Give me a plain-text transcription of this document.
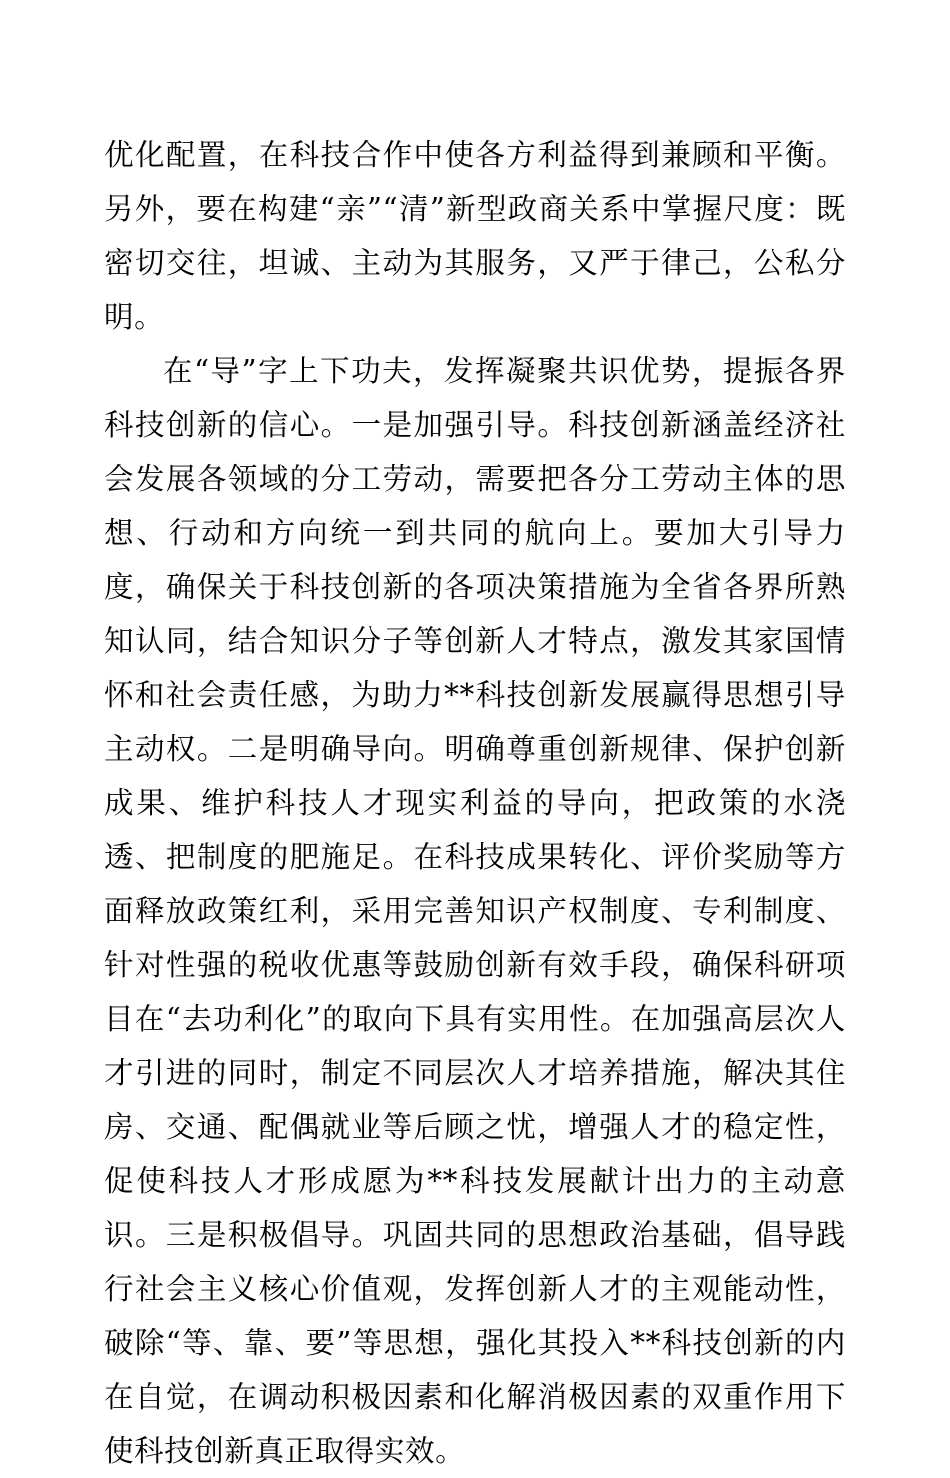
优化配置，在科技合作中使各方利益得到兼顾和平衡。另外，要在构建“亲”“清”新型政商关系中掌握尺度：既密切交往，坦诚、主动为其服务，又严于律己，公私分明。

在“导”字上下功夫，发挥凝聚共识优势，提振各界科技创新的信心。一是加强引导。科技创新涵盖经济社会发展各领域的分工劳动，需要把各分工劳动主体的思想、行动和方向统一到共同的航向上。要加大引导力度，确保关于科技创新的各项决策措施为全省各界所熟知认同，结合知识分子等创新人才特点，激发其家国情怀和社会责任感，为助力**科技创新发展赢得思想引导主动权。二是明确导向。明确尊重创新规律、保护创新成果、维护科技人才现实利益的导向，把政策的水浇透、把制度的肥施足。在科技成果转化、评价奖励等方面释放政策红利，采用完善知识产权制度、专利制度、针对性强的税收优惠等鼓励创新有效手段，确保科研项目在“去功利化”的取向下具有实用性。在加强高层次人才引进的同时，制定不同层次人才培养措施，解决其住房、交通、配偶就业等后顾之忧，增强人才的稳定性，促使科技人才形成愿为**科技发展献计出力的主动意识。三是积极倡导。巩固共同的思想政治基础，倡导践行社会主义核心价值观，发挥创新人才的主观能动性，破除“等、靠、要”等思想，强化其投入**科技创新的内在自觉，在调动积极因素和化解消极因素的双重作用下使科技创新真正取得实效。
